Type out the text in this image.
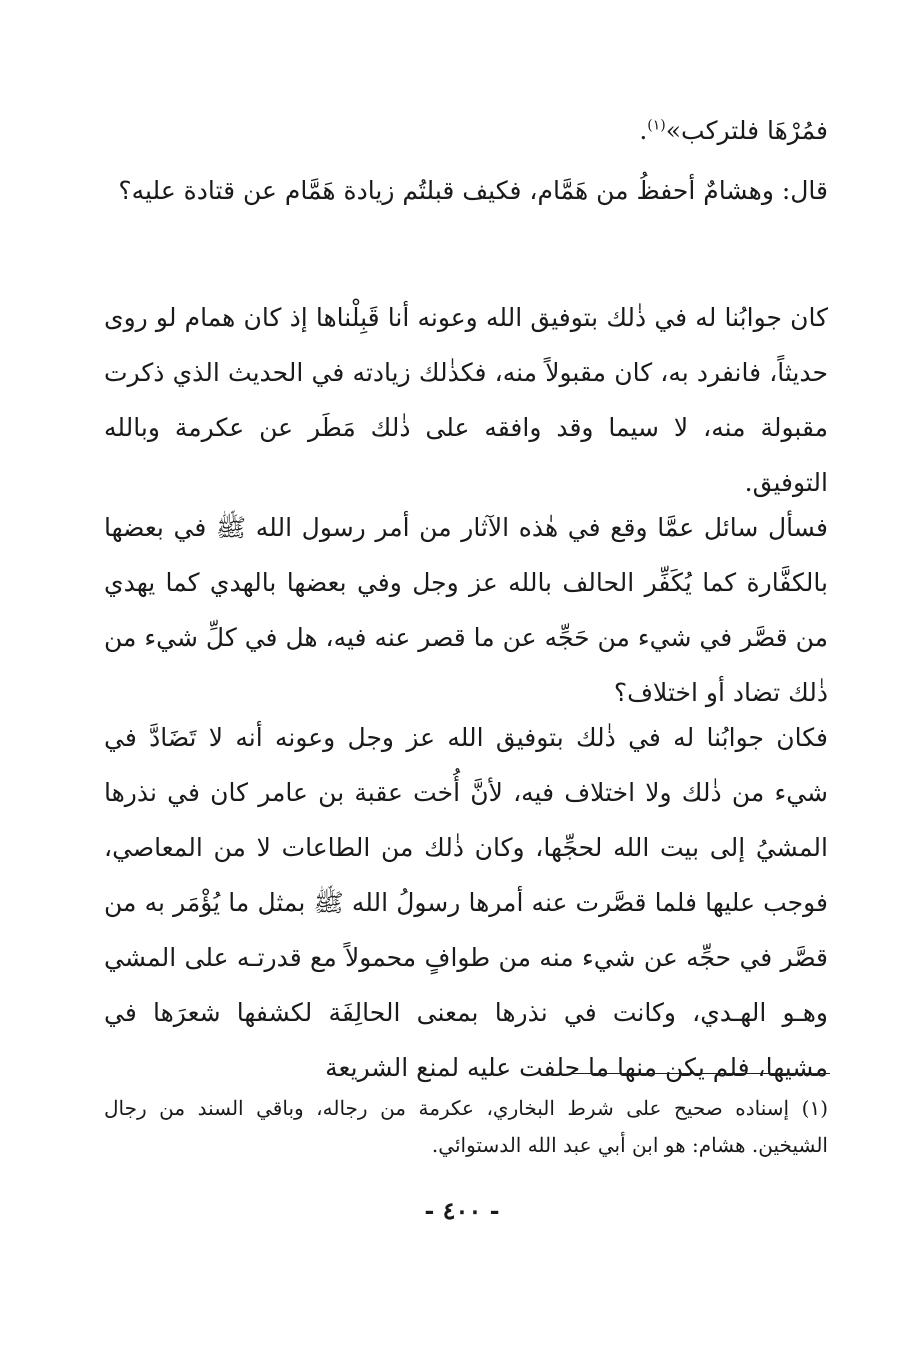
فمُرْهَا فلتركب»$^{(١)}$.

قال: وهشامٌ أحفظُ من هَمَّام، فكيف قبلتُم زيادة هَمَّام عن قتادة عليه؟

كان جوابُنا له في ذٰلك بتوفيق الله وعونه أنا قَبِلْناها إذ كان همام لو روى حديثاً، فانفرد به، كان مقبولاً منه، فكذٰلك زيادته في الحديث الذي ذكرت مقبولة منه، لا سيما وقد وافقه على ذٰلك مَطَر عن عكرمة وبالله التوفيق.

فسأل سائل عمَّا وقع في هٰذه الآثار من أمر رسول الله ﷺ في بعضها بالكفَّارة كما يُكَفِّر الحالف بالله عز وجل وفي بعضها بالهدي كما يهدي من قصَّر في شيء من حَجِّه عن ما قصر عنه فيه، هل في كلِّ شيء من ذٰلك تضاد أو اختلاف؟

فكان جوابُنا له في ذٰلك بتوفيق الله عز وجل وعونه أنه لا تَضَادَّ في شيء من ذٰلك ولا اختلاف فيه، لأنَّ أُخت عقبة بن عامر كان في نذرها المشيُ إلى بيت الله لحجِّها، وكان ذٰلك من الطاعات لا من المعاصي، فوجب عليها فلما قصَّرت عنه أمرها رسولُ الله ﷺ بمثل ما يُؤْمَر به من قصَّر في حجِّه عن شيء منه من طوافٍ محمولاً مع قدرتـه على المشي وهـو الهـدي، وكانت في نذرها بمعنى الحالِفَة لكشفها شعرَها في مشيها، فلم يكن منها ما حلفت عليه لمنع الشريعة

(١) إسناده صحيح على شرط البخاري، عكرمة من رجاله، وباقي السند من رجال الشيخين. هشام: هو ابن أبي عبد الله الدستوائي.

- ٤٠٠ -
